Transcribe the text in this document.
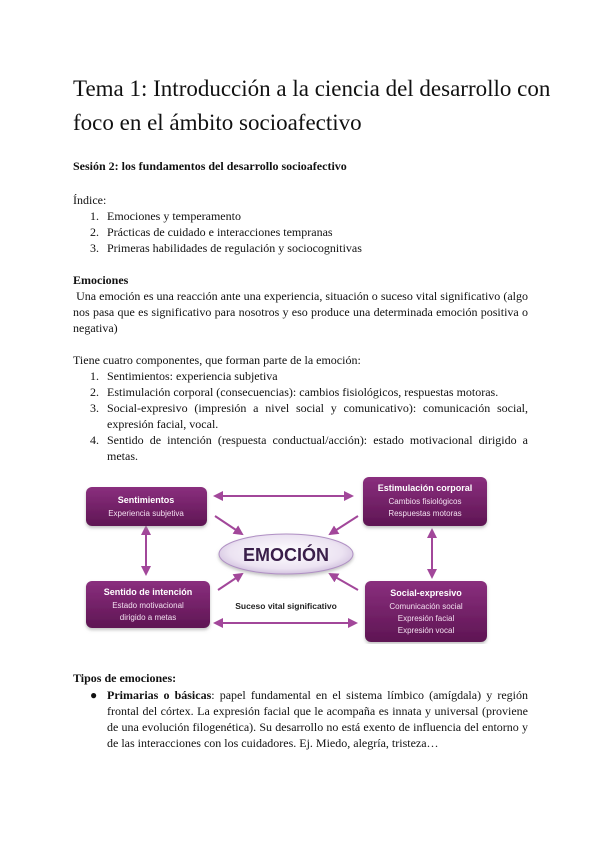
Tema 1: Introducción a la ciencia del desarrollo con foco en el ámbito socioafectivo
Sesión 2: los fundamentos del desarrollo socioafectivo
Índice:
1. Emociones y temperamento
2. Prácticas de cuidado e interacciones tempranas
3. Primeras habilidades de regulación y sociocognitivas
Emociones
Una emoción es una reacción ante una experiencia, situación o suceso vital significativo (algo nos pasa que es significativo para nosotros y eso produce una determinada emoción positiva o negativa)
Tiene cuatro componentes, que forman parte de la emoción:
1. Sentimientos: experiencia subjetiva
2. Estimulación corporal (consecuencias): cambios fisiológicos, respuestas motoras.
3. Social-expresivo (impresión a nivel social y comunicativo): comunicación social, expresión facial, vocal.
4. Sentido de intención (respuesta conductual/acción): estado motivacional dirigido a metas.
EMOCIÓN
Suceso vital significativo
Sentimientos
Experiencia subjetiva
Estimulación corporal
Cambios fisiológicos
Respuestas motoras
Sentido de intención
Estado motivacional
dirigido a metas
Social-expresivo
Comunicación social
Expresión facial
Expresión vocal
Tipos de emociones:
● Primarias o básicas: papel fundamental en el sistema límbico (amígdala) y región frontal del córtex. La expresión facial que le acompaña es innata y universal (proviene de una evolución filogenética). Su desarrollo no está exento de influencia del entorno y de las interacciones con los cuidadores. Ej. Miedo, alegría, tristeza…
